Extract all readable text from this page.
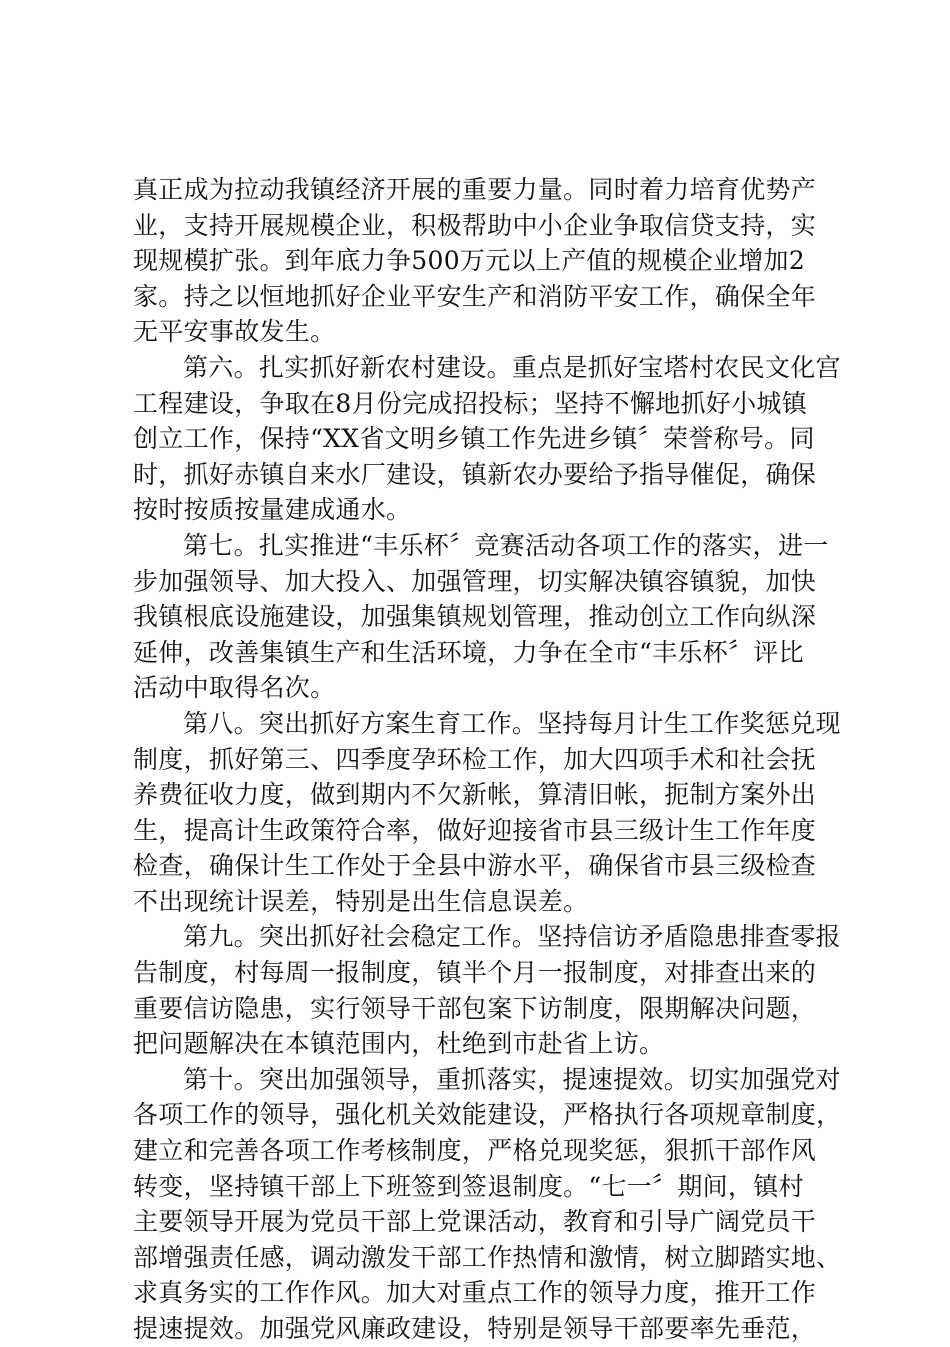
真正成为拉动我镇经济开展的重要力量。同时着力培育优势产
业，支持开展规模企业，积极帮助中小企业争取信贷支持，实
现规模扩张。到年底力争500万元以上产值的规模企业增加2
家。持之以恒地抓好企业平安生产和消防平安工作，确保全年
无平安事故发生。
第六。扎实抓好新农村建设。重点是抓好宝塔村农民文化宫
工程建设，争取在8月份完成招投标；坚持不懈地抓好小城镇
创立工作，保持“XX省文明乡镇工作先进乡镇〞荣誉称号。同
时，抓好赤镇自来水厂建设，镇新农办要给予指导催促，确保
按时按质按量建成通水。
第七。扎实推进“丰乐杯〞竞赛活动各项工作的落实，进一
步加强领导、加大投入、加强管理，切实解决镇容镇貌，加快
我镇根底设施建设，加强集镇规划管理，推动创立工作向纵深
延伸，改善集镇生产和生活环境，力争在全市“丰乐杯〞评比
活动中取得名次。
第八。突出抓好方案生育工作。坚持每月计生工作奖惩兑现
制度，抓好第三、四季度孕环检工作，加大四项手术和社会抚
养费征收力度，做到期内不欠新帐，算清旧帐，扼制方案外出
生，提高计生政策符合率，做好迎接省市县三级计生工作年度
检查，确保计生工作处于全县中游水平，确保省市县三级检查
不出现统计误差，特别是出生信息误差。
第九。突出抓好社会稳定工作。坚持信访矛盾隐患排查零报
告制度，村每周一报制度，镇半个月一报制度，对排查出来的
重要信访隐患，实行领导干部包案下访制度，限期解决问题，
把问题解决在本镇范围内，杜绝到市赴省上访。
第十。突出加强领导，重抓落实，提速提效。切实加强党对
各项工作的领导，强化机关效能建设，严格执行各项规章制度，
建立和完善各项工作考核制度，严格兑现奖惩，狠抓干部作风
转变，坚持镇干部上下班签到签退制度。“七一〞期间，镇村
主要领导开展为党员干部上党课活动，教育和引导广阔党员干
部增强责任感，调动激发干部工作热情和激情，树立脚踏实地、
求真务实的工作作风。加大对重点工作的领导力度，推开工作
提速提效。加强党风廉政建设，特别是领导干部要率先垂范，
